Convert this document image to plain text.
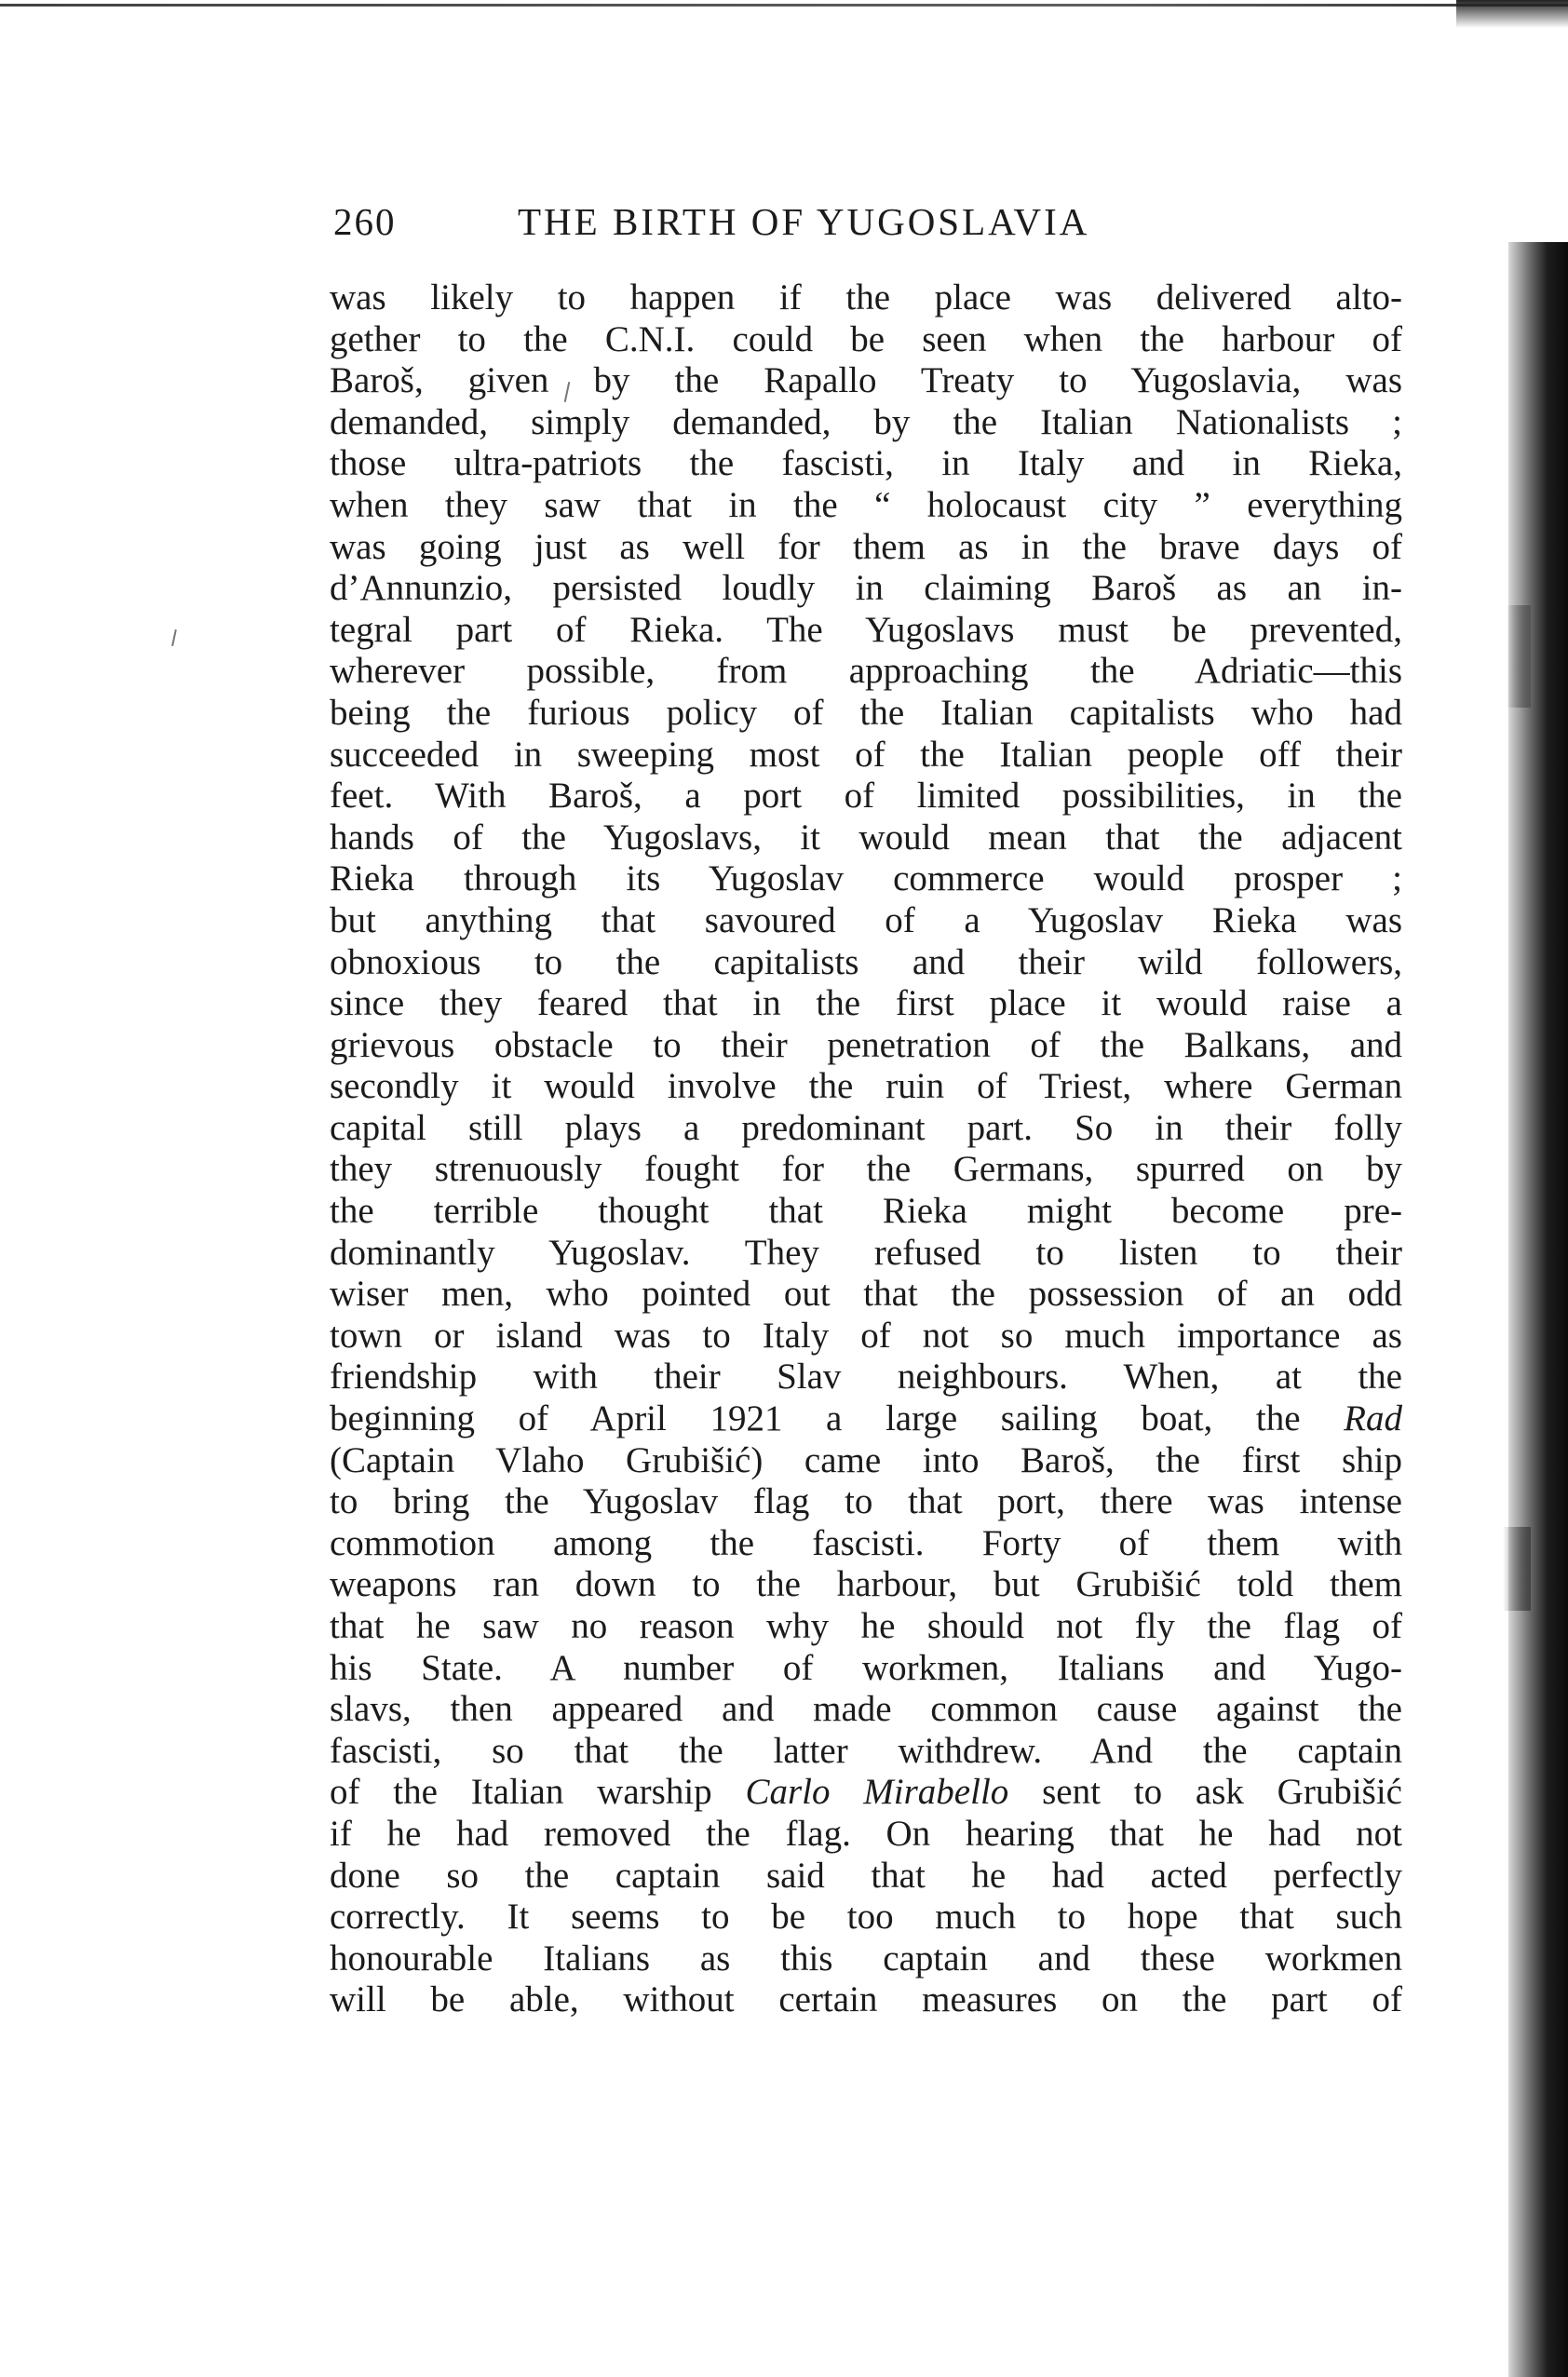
260	THE BIRTH OF YUGOSLAVIA
was likely to happen if the place was delivered alto-
gether to the C.N.I. could be seen when the harbour of
Baroš, given by the Rapallo Treaty to Yugoslavia, was
demanded, simply demanded, by the Italian Nationalists ;
those ultra-patriots the fascisti, in Italy and in Rieka,
when they saw that in the “ holocaust city ” everything
was going just as well for them as in the brave days of
d’Annunzio, persisted loudly in claiming Baroš as an in-
tegral part of Rieka. The Yugoslavs must be prevented,
wherever possible, from approaching the Adriatic—this
being the furious policy of the Italian capitalists who had
succeeded in sweeping most of the Italian people off their
feet. With Baroš, a port of limited possibilities, in the
hands of the Yugoslavs, it would mean that the adjacent
Rieka through its Yugoslav commerce would prosper ;
but anything that savoured of a Yugoslav Rieka was
obnoxious to the capitalists and their wild followers,
since they feared that in the first place it would raise a
grievous obstacle to their penetration of the Balkans, and
secondly it would involve the ruin of Triest, where German
capital still plays a predominant part. So in their folly
they strenuously fought for the Germans, spurred on by
the terrible thought that Rieka might become pre-
dominantly Yugoslav. They refused to listen to their
wiser men, who pointed out that the possession of an odd
town or island was to Italy of not so much importance as
friendship with their Slav neighbours. When, at the
beginning of April 1921 a large sailing boat, the Rad
(Captain Vlaho Grubišić) came into Baroš, the first ship
to bring the Yugoslav flag to that port, there was intense
commotion among the fascisti. Forty of them with
weapons ran down to the harbour, but Grubišić told them
that he saw no reason why he should not fly the flag of
his State. A number of workmen, Italians and Yugo-
slavs, then appeared and made common cause against the
fascisti, so that the latter withdrew. And the captain
of the Italian warship Carlo Mirabello sent to ask Grubišić
if he had removed the flag. On hearing that he had not
done so the captain said that he had acted perfectly
correctly. It seems to be too much to hope that such
honourable Italians as this captain and these workmen
will be able, without certain measures on the part of
